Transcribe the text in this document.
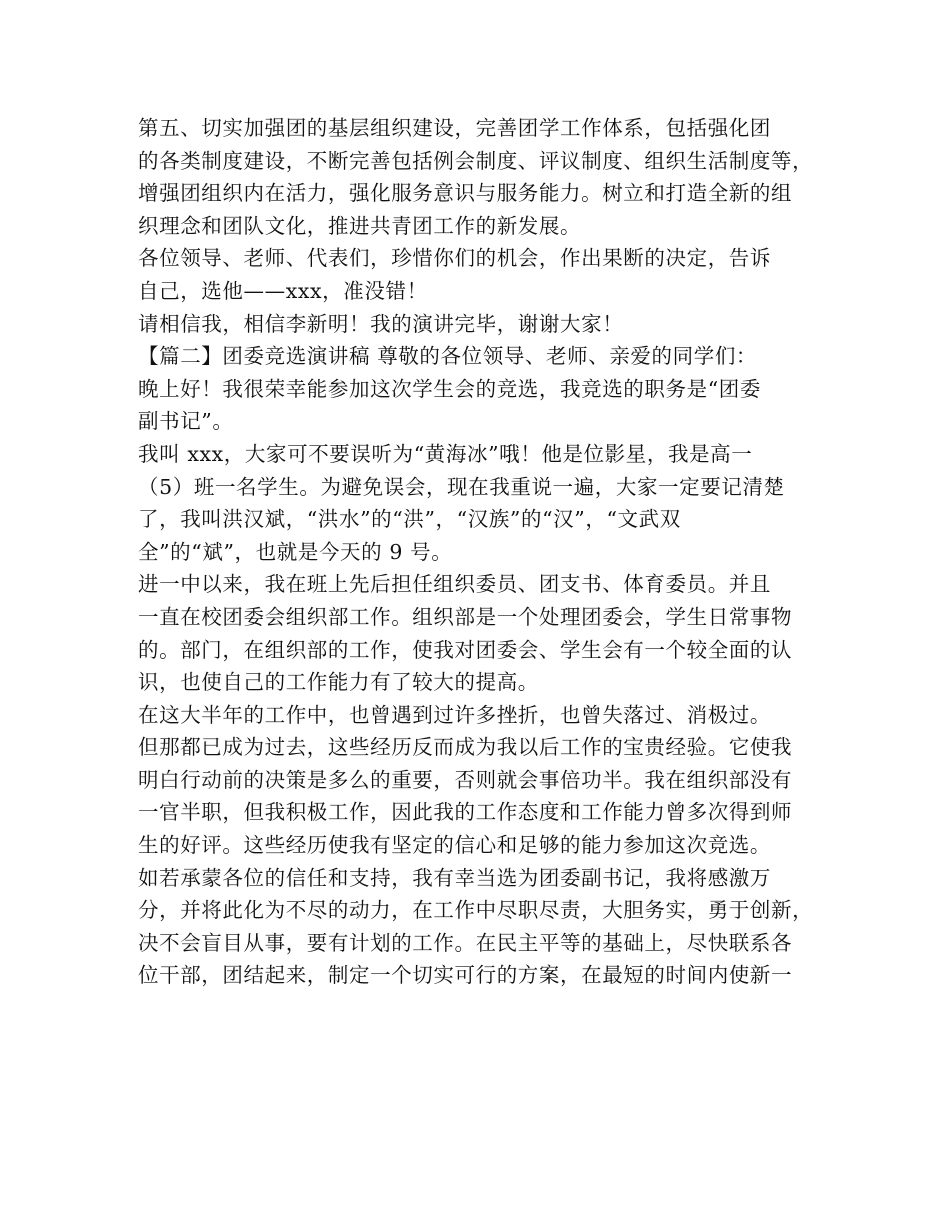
第五、切实加强团的基层组织建设，完善团学工作体系，包括强化团
的各类制度建设，不断完善包括例会制度、评议制度、组织生活制度等，
增强团组织内在活力，强化服务意识与服务能力。树立和打造全新的组
织理念和团队文化，推进共青团工作的新发展。
各位领导、老师、代表们，珍惜你们的机会，作出果断的决定，告诉
自己，选他——xxx，准没错！
请相信我，相信李新明！我的演讲完毕，谢谢大家！
【篇二】团委竞选演讲稿 尊敬的各位领导、老师、亲爱的同学们：
晚上好！我很荣幸能参加这次学生会的竞选，我竞选的职务是“团委
副书记”。
我叫 xxx，大家可不要误听为“黄海冰”哦！他是位影星，我是高一
（5）班一名学生。为避免误会，现在我重说一遍，大家一定要记清楚
了，我叫洪汉斌，“洪水”的“洪”，“汉族”的“汉”，“文武双
全”的“斌”，也就是今天的 9 号。
进一中以来，我在班上先后担任组织委员、团支书、体育委员。并且
一直在校团委会组织部工作。组织部是一个处理团委会，学生日常事物
的。部门，在组织部的工作，使我对团委会、学生会有一个较全面的认
识，也使自己的工作能力有了较大的提高。
在这大半年的工作中，也曾遇到过许多挫折，也曾失落过、消极过。
但那都已成为过去，这些经历反而成为我以后工作的宝贵经验。它使我
明白行动前的决策是多么的重要，否则就会事倍功半。我在组织部没有
一官半职，但我积极工作，因此我的工作态度和工作能力曾多次得到师
生的好评。这些经历使我有坚定的信心和足够的能力参加这次竞选。
如若承蒙各位的信任和支持，我有幸当选为团委副书记，我将感激万
分，并将此化为不尽的动力，在工作中尽职尽责，大胆务实，勇于创新，
决不会盲目从事，要有计划的工作。在民主平等的基础上，尽快联系各
位干部，团结起来，制定一个切实可行的方案，在最短的时间内使新一
